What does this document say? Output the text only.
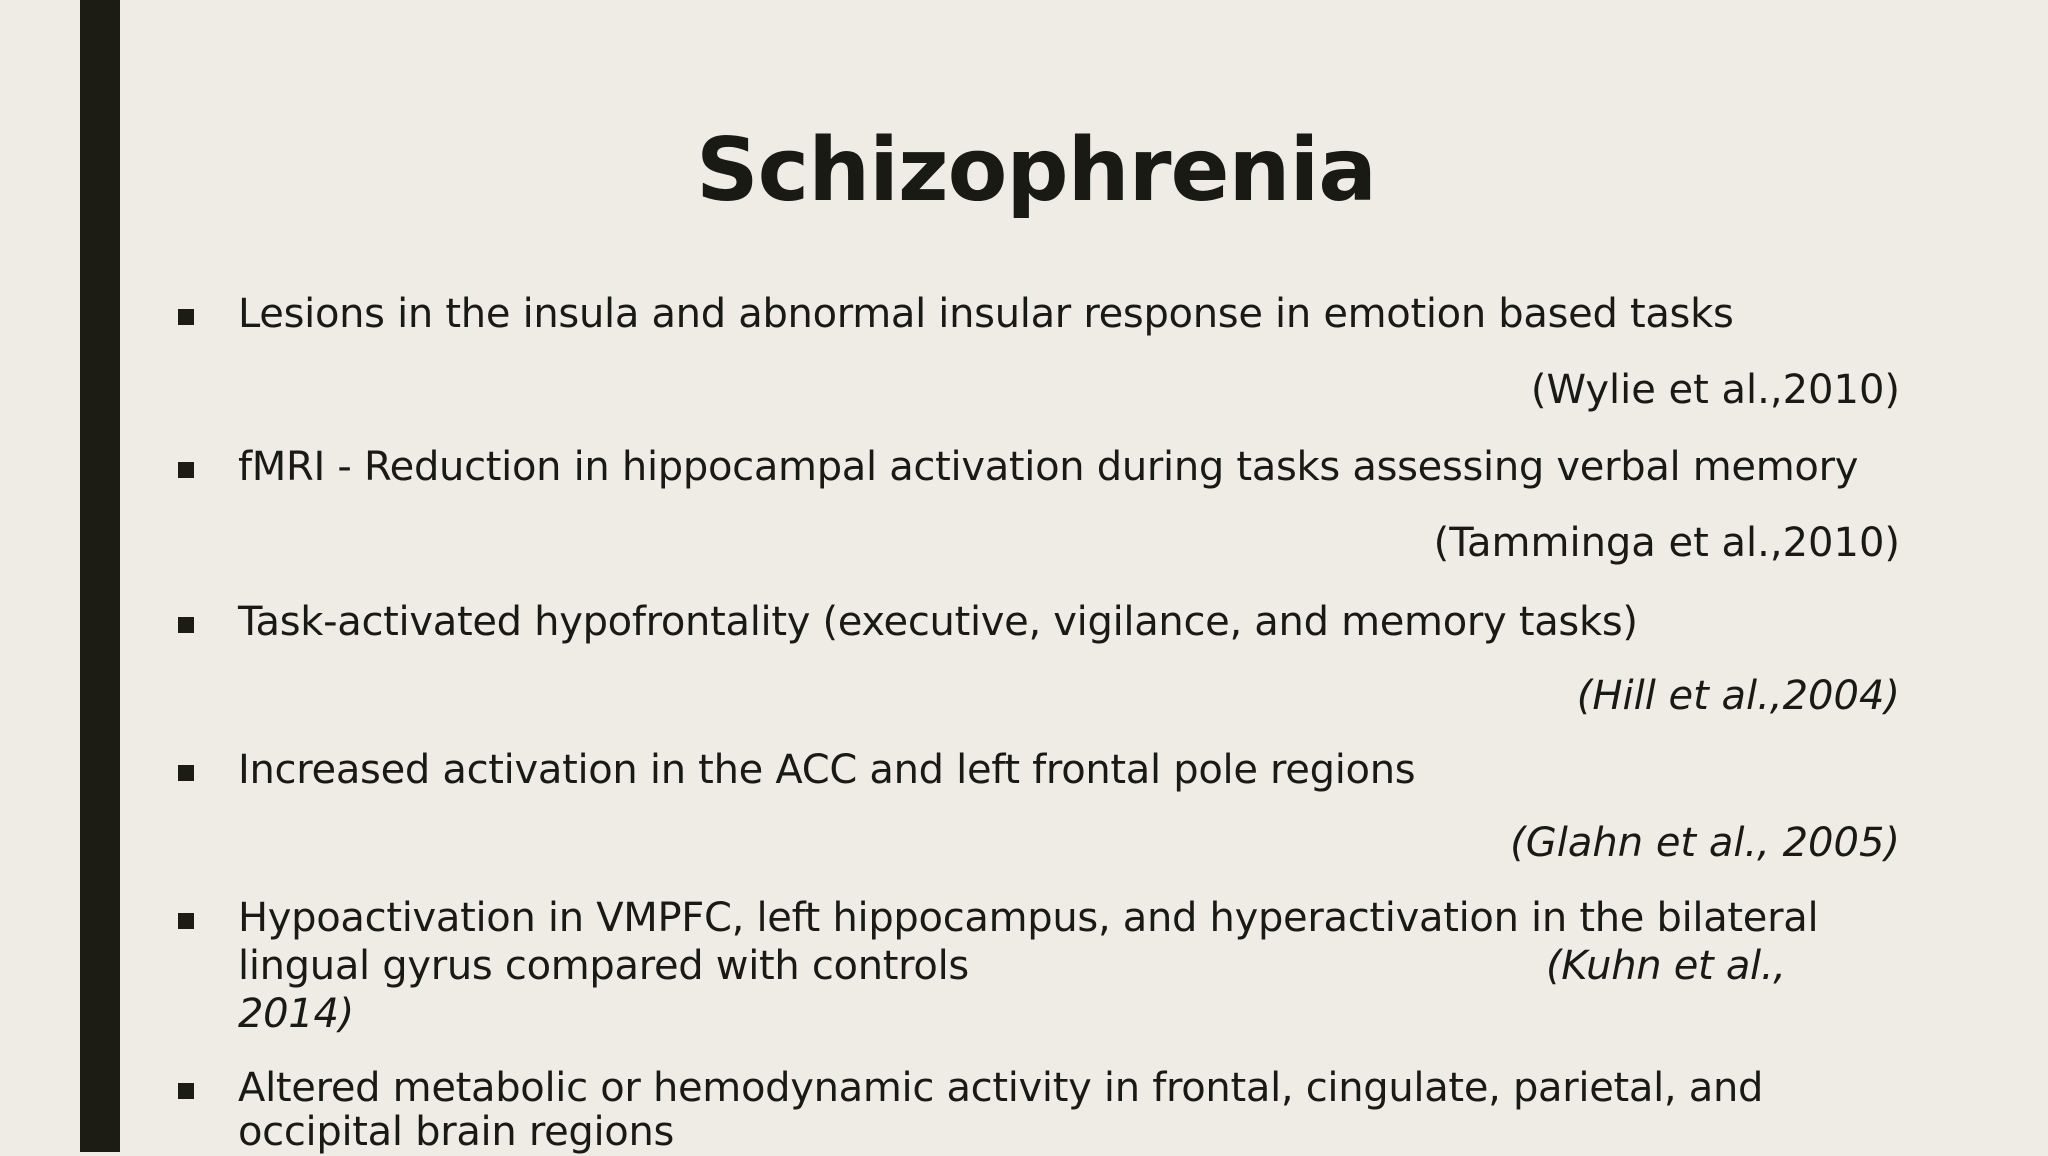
Schizophrenia
Lesions in the insula and abnormal insular response in emotion based tasks
(Wylie et al.,2010)
fMRI - Reduction in hippocampal activation during tasks assessing verbal memory
(Tamminga et al.,2010)
Task-activated hypofrontality (executive, vigilance, and memory tasks)
(Hill et al.,2004)
Increased activation in the ACC and left frontal pole regions
(Glahn et al., 2005)
Hypoactivation in VMPFC, left hippocampus, and hyperactivation in the bilateral
lingual gyrus compared with controls	(Kuhn et al.,
2014)
Altered metabolic or hemodynamic activity in frontal, cingulate, parietal, and
occipital brain regions
